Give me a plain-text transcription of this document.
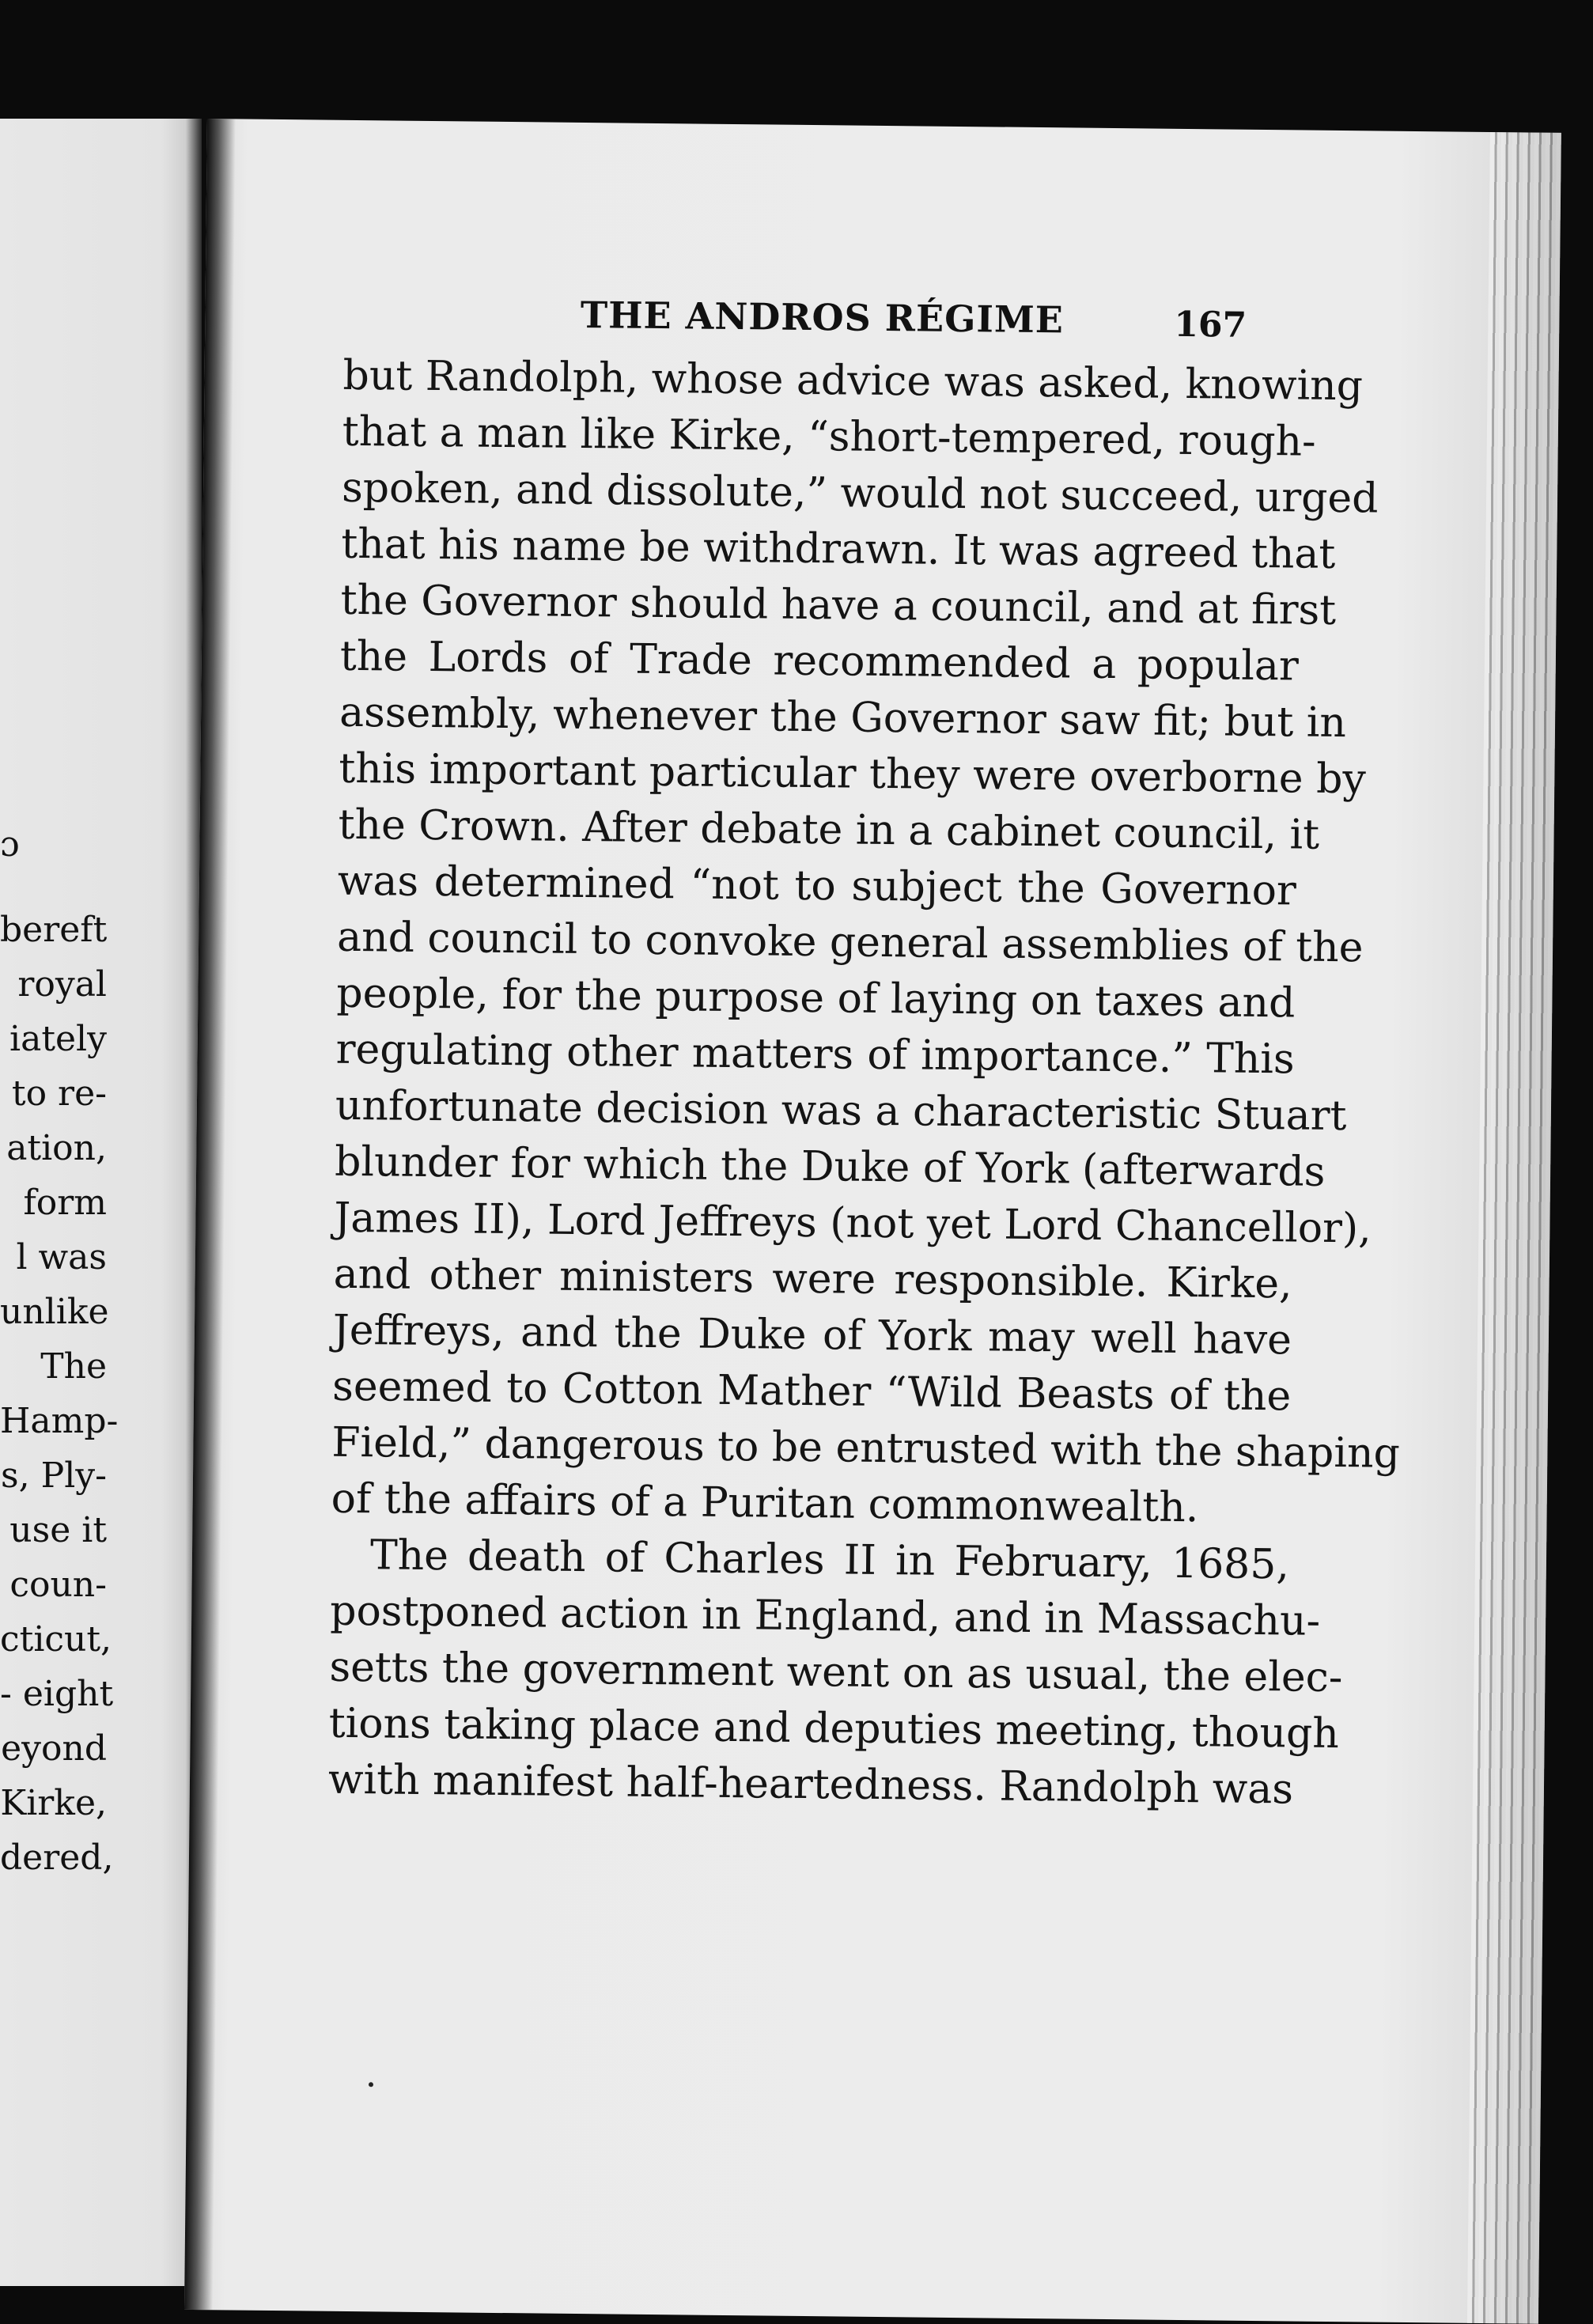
ɔ
bereft
royal
iately
to re-
ation,
form
l was
unlike
The
Hamp-
s, Ply-
use it
coun-
cticut,
- eight
eyond
Kirke,
dered,
THE ANDROS RÉGIME	167
but Randolph, whose advice was asked, knowing
that a man like Kirke, “short-tempered, rough-
spoken, and dissolute,” would not succeed, urged
that his name be withdrawn. It was agreed that
the Governor should have a council, and at first
the Lords of Trade recommended a popular
assembly, whenever the Governor saw fit; but in
this important particular they were overborne by
the Crown. After debate in a cabinet council, it
was determined “not to subject the Governor
and council to convoke general assemblies of the
people, for the purpose of laying on taxes and
regulating other matters of importance.” This
unfortunate decision was a characteristic Stuart
blunder for which the Duke of York (afterwards
James II), Lord Jeffreys (not yet Lord Chancellor),
and other ministers were responsible. Kirke,
Jeffreys, and the Duke of York may well have
seemed to Cotton Mather “Wild Beasts of the
Field,” dangerous to be entrusted with the shaping
of the affairs of a Puritan commonwealth.
The death of Charles II in February, 1685,
postponed action in England, and in Massachu-
setts the government went on as usual, the elec-
tions taking place and deputies meeting, though
with manifest half-heartedness. Randolph was
